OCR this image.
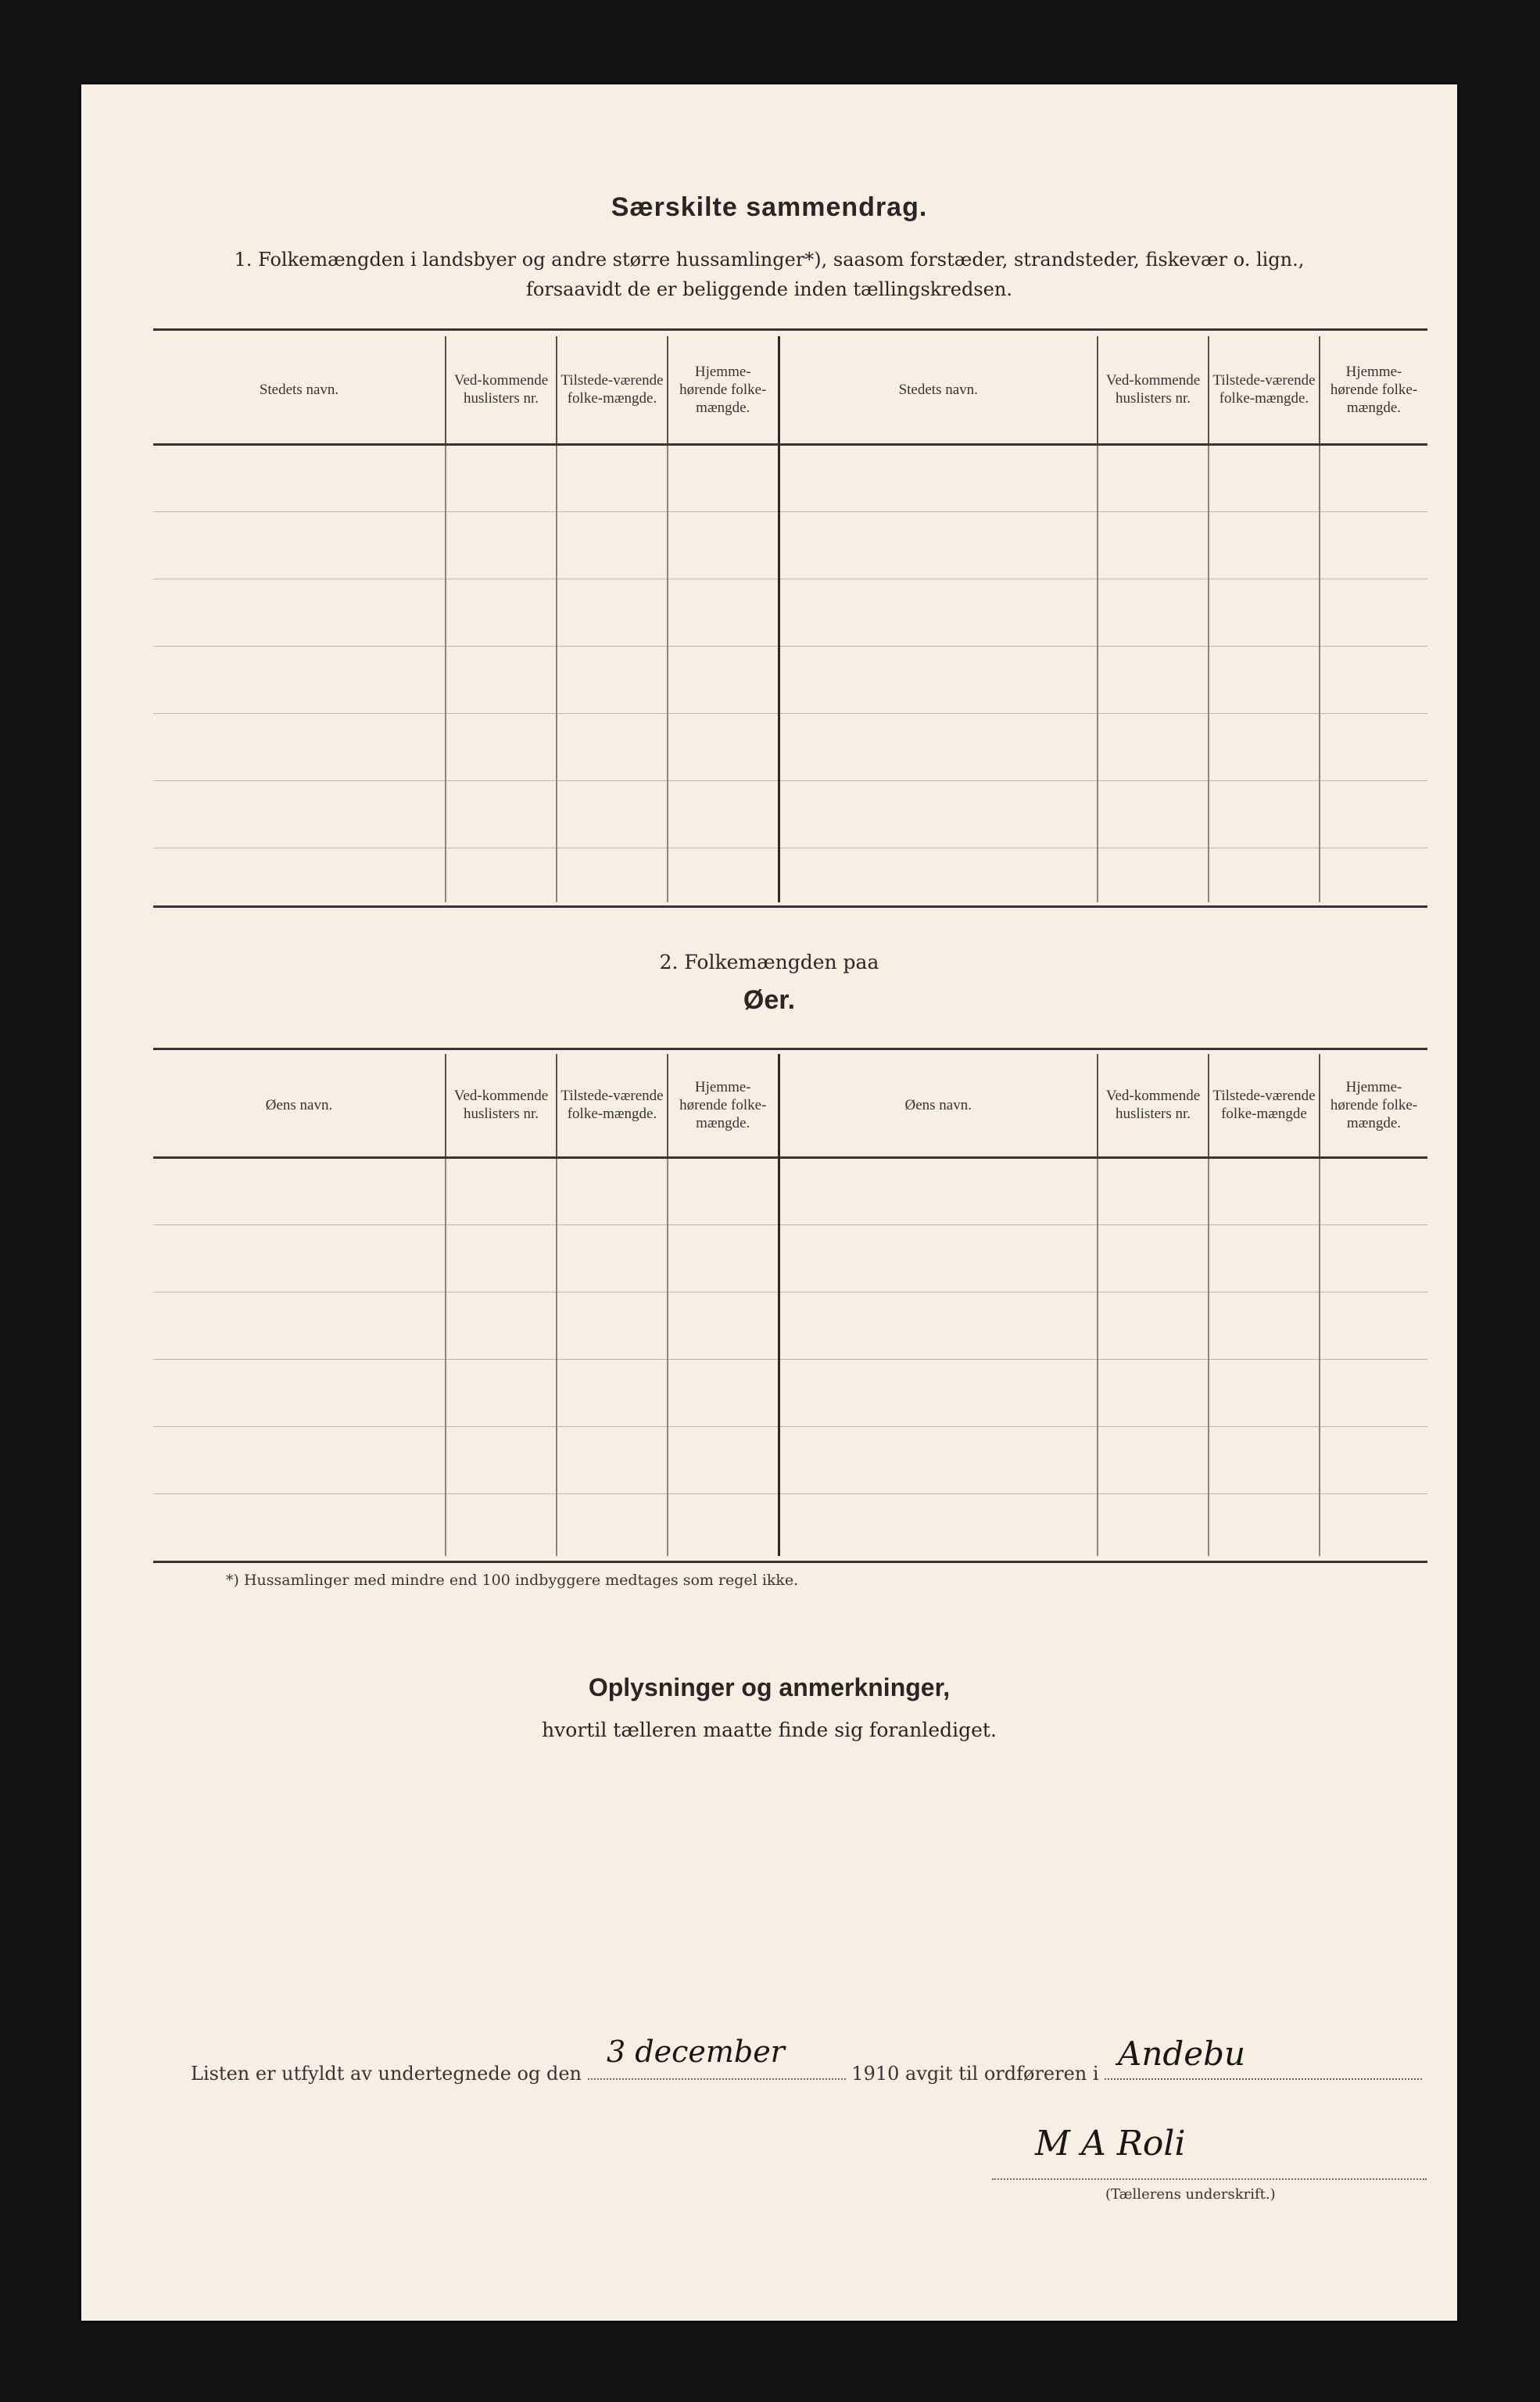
Særskilte sammendrag.
1. Folkemængden i landsbyer og andre større hussamlinger*), saasom forstæder, strandsteder, fiskevær o. lign.,
forsaavidt de er beliggende inden tællingskredsen.
Stedets navn.	Ved-kommende huslisters nr.	Tilstede-værende folke-mængde.	Hjemme-hørende folke-mængde.	Stedets navn.	Ved-kommende huslisters nr.	Tilstede-værende folke-mængde.	Hjemme-hørende folke-mængde.

2. Folkemængden paa
Øer.
Øens navn.	Ved-kommende huslisters nr.	Tilstede-værende folke-mængde.	Hjemme-hørende folke-mængde.	Øens navn.	Ved-kommende huslisters nr.	Tilstede-værende folke-mængde	Hjemme-hørende folke-mængde.

*) Hussamlinger med mindre end 100 indbyggere medtages som regel ikke.
Oplysninger og anmerkninger,
hvortil tælleren maatte finde sig foranlediget.
Listen er utfyldt av undertegnede og den	1910 avgit til ordføreren i
3 december	Andebu
M A Roli
(Tællerens underskrift.)
